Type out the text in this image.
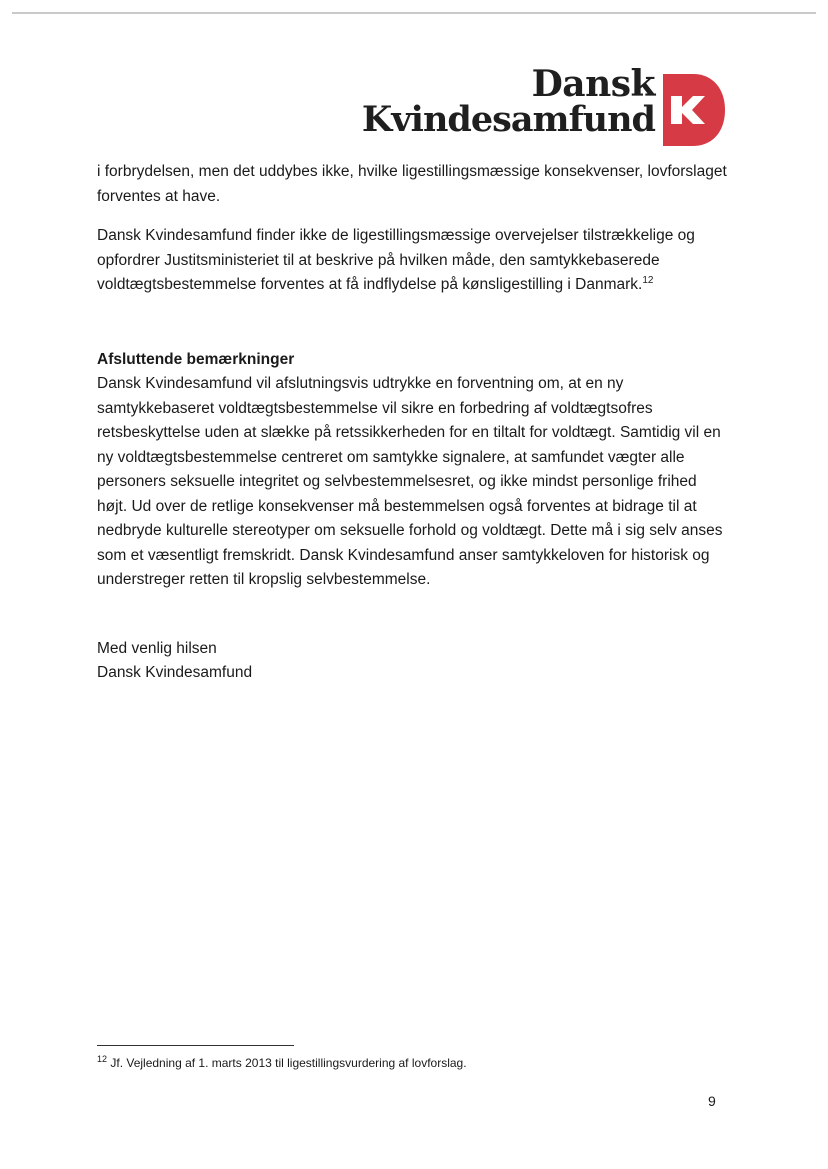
Dansk
Kvindesamfund

i forbrydelsen, men det uddybes ikke, hvilke ligestillingsmæssige konsekvenser, lovforslaget forventes at have.

Dansk Kvindesamfund finder ikke de ligestillingsmæssige overvejelser tilstrækkelige og opfordrer Justitsministeriet til at beskrive på hvilken måde, den samtykkebaserede voldtægtsbestemmelse forventes at få indflydelse på kønsligestilling i Danmark.$^{12}$

Afsluttende bemærkninger

Dansk Kvindesamfund vil afslutningsvis udtrykke en forventning om, at en ny samtykkebaseret voldtægtsbestemmelse vil sikre en forbedring af voldtægtsofres retsbeskyttelse uden at slække på retssikkerheden for en tiltalt for voldtægt. Samtidig vil en ny voldtægtsbestemmelse centreret om samtykke signalere, at samfundet vægter alle personers seksuelle integritet og selvbestemmelsesret, og ikke mindst personlige frihed højt. Ud over de retlige konsekvenser må bestemmelsen også forventes at bidrage til at nedbryde kulturelle stereotyper om seksuelle forhold og voldtægt. Dette må i sig selv anses som et væsentligt fremskridt. Dansk Kvindesamfund anser samtykkeloven for historisk og understreger retten til kropslig selvbestemmelse.

Med venlig hilsen

Dansk Kvindesamfund

$^{12}$ Jf. Vejledning af 1. marts 2013 til ligestillingsvurdering af lovforslag.
9
